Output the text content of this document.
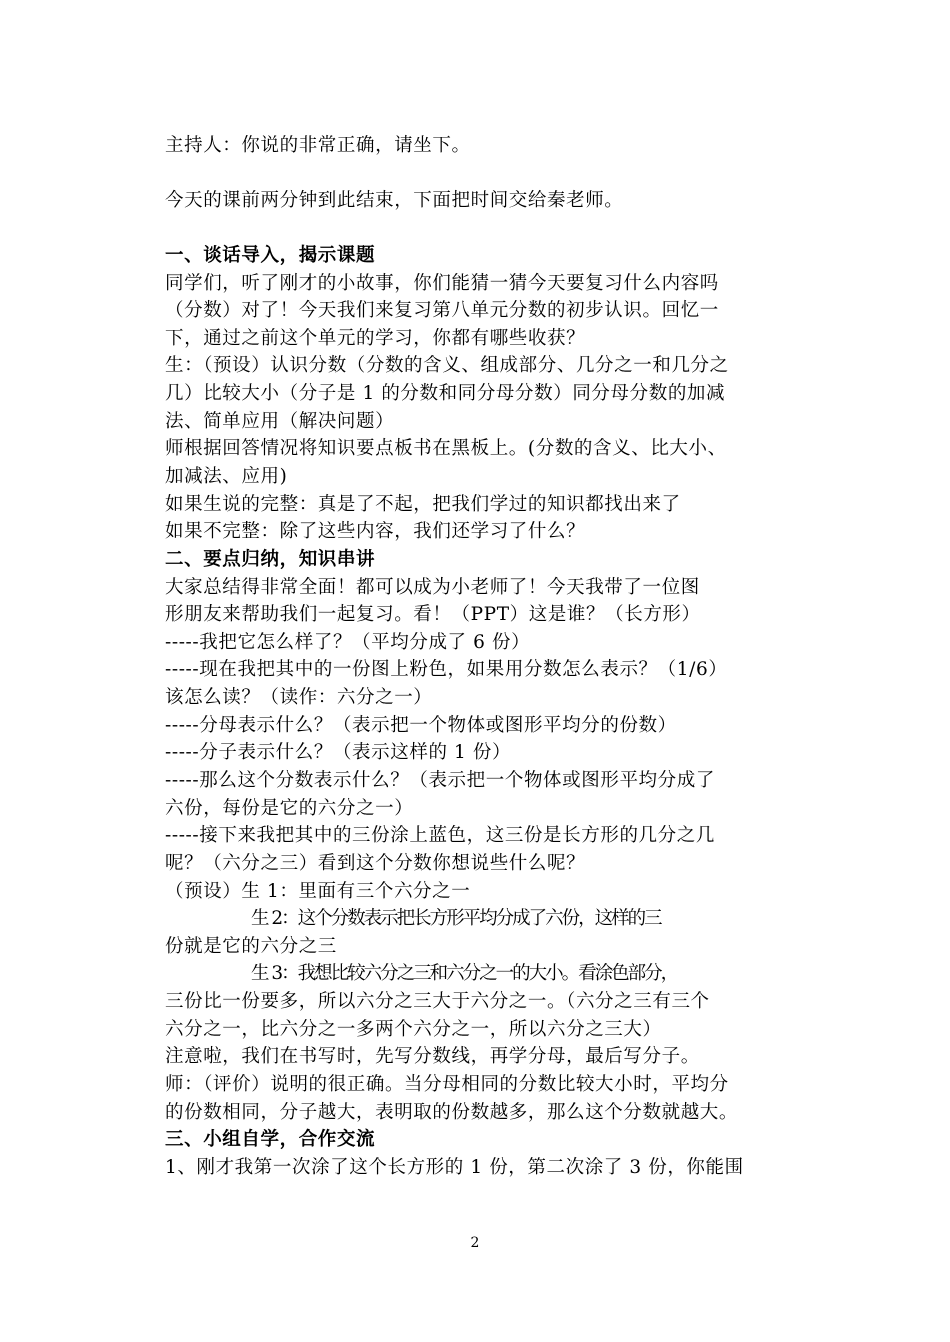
主持人：你说的非常正确，请坐下。
今天的课前两分钟到此结束，下面把时间交给秦老师。
一、谈话导入，揭示课题
同学们，听了刚才的小故事，你们能猜一猜今天要复习什么内容吗
（分数）对了！今天我们来复习第八单元分数的初步认识。回忆一
下，通过之前这个单元的学习，你都有哪些收获？
生：（预设）认识分数（分数的含义、组成部分、几分之一和几分之
几）比较大小（分子是 1 的分数和同分母分数）同分母分数的加减
法、简单应用（解决问题）
师根据回答情况将知识要点板书在黑板上。(分数的含义、比大小、
加减法、应用)
如果生说的完整：真是了不起，把我们学过的知识都找出来了
如果不完整：除了这些内容，我们还学习了什么？
二、要点归纳，知识串讲
大家总结得非常全面！都可以成为小老师了！今天我带了一位图
形朋友来帮助我们一起复习。看！（PPT）这是谁？（长方形）
-----我把它怎么样了？（平均分成了 6 份）
-----现在我把其中的一份图上粉色，如果用分数怎么表示？（1/6）
该怎么读？（读作：六分之一）
-----分母表示什么？（表示把一个物体或图形平均分的份数）
-----分子表示什么？（表示这样的 1 份）
-----那么这个分数表示什么？（表示把一个物体或图形平均分成了
六份，每份是它的六分之一）
-----接下来我把其中的三份涂上蓝色，这三份是长方形的几分之几
呢？（六分之三）看到这个分数你想说些什么呢？
（预设）生 1：里面有三个六分之一
生 2：这个分数表示把长方形平均分成了六份，这样的三
份就是它的六分之三
生 3：我想比较六分之三和六分之一的大小。看涂色部分，
三份比一份要多，所以六分之三大于六分之一。（六分之三有三个
六分之一，比六分之一多两个六分之一，所以六分之三大）
注意啦，我们在书写时，先写分数线，再学分母，最后写分子。
师：（评价）说明的很正确。当分母相同的分数比较大小时，平均分
的份数相同，分子越大，表明取的份数越多，那么这个分数就越大。
三、小组自学，合作交流
1、刚才我第一次涂了这个长方形的 1 份，第二次涂了 3 份，你能围
2
